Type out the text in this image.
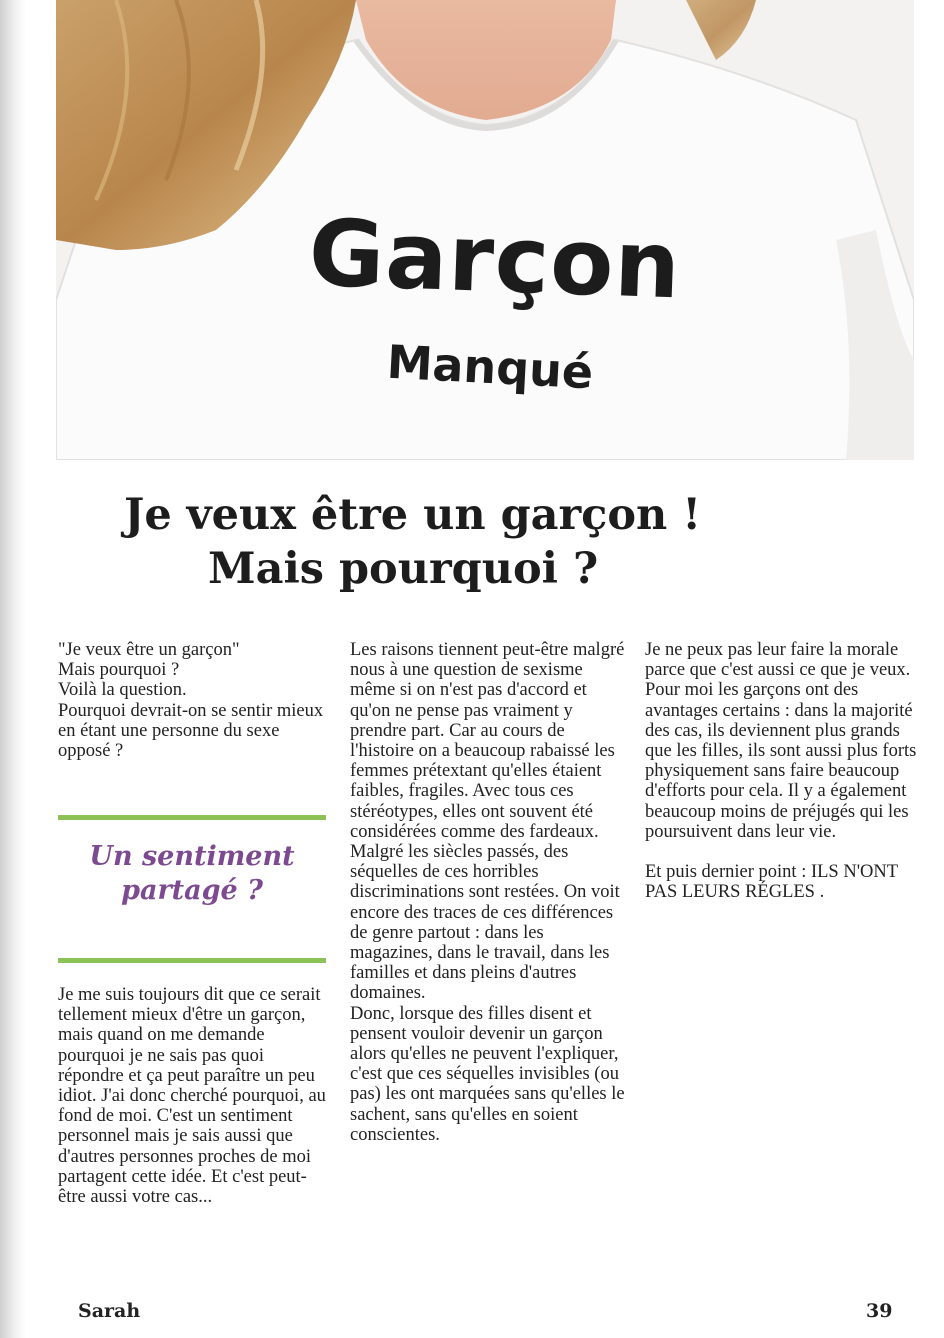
Garçon
Manqué
Je veux être un garçon !
Mais pourquoi ?

"Je veux être un garçon"
Mais pourquoi ?
Voilà la question.
Pourquoi devrait-on se sentir mieux en étant une personne du sexe opposé ?

Un sentiment partagé ?

Je me suis toujours dit que ce serait tellement mieux d'être un garçon, mais quand on me demande pourquoi je ne sais pas quoi répondre et ça peut paraître un peu idiot. J'ai donc cherché pourquoi, au fond de moi. C'est un sentiment personnel mais je sais aussi que d'autres personnes proches de moi partagent cette idée. Et c'est peut-être aussi votre cas...

Les raisons tiennent peut-être malgré nous à une question de sexisme même si on n'est pas d'accord et qu'on ne pense pas vraiment y prendre part. Car au cours de l'histoire on a beaucoup rabaissé les femmes prétextant qu'elles étaient faibles, fragiles. Avec tous ces stéréotypes, elles ont souvent été considérées comme des fardeaux. Malgré les siècles passés, des séquelles de ces horribles discriminations sont restées. On voit encore des traces de ces différences de genre partout : dans les magazines, dans le travail, dans les familles et dans pleins d'autres domaines.
Donc, lorsque des filles disent et pensent vouloir devenir un garçon alors qu'elles ne peuvent l'expliquer, c'est que ces séquelles invisibles (ou pas) les ont marquées sans qu'elles le sachent, sans qu'elles en soient conscientes.

Je ne peux pas leur faire la morale parce que c'est aussi ce que je veux.
Pour moi les garçons ont des avantages certains : dans la majorité des cas, ils deviennent plus grands que les filles, ils sont aussi plus forts physiquement sans faire beaucoup d'efforts pour cela. Il y a également beaucoup moins de préjugés qui les poursuivent dans leur vie.

Et puis dernier point : ILS N'ONT PAS LEURS RÉGLES .

Sarah	39
